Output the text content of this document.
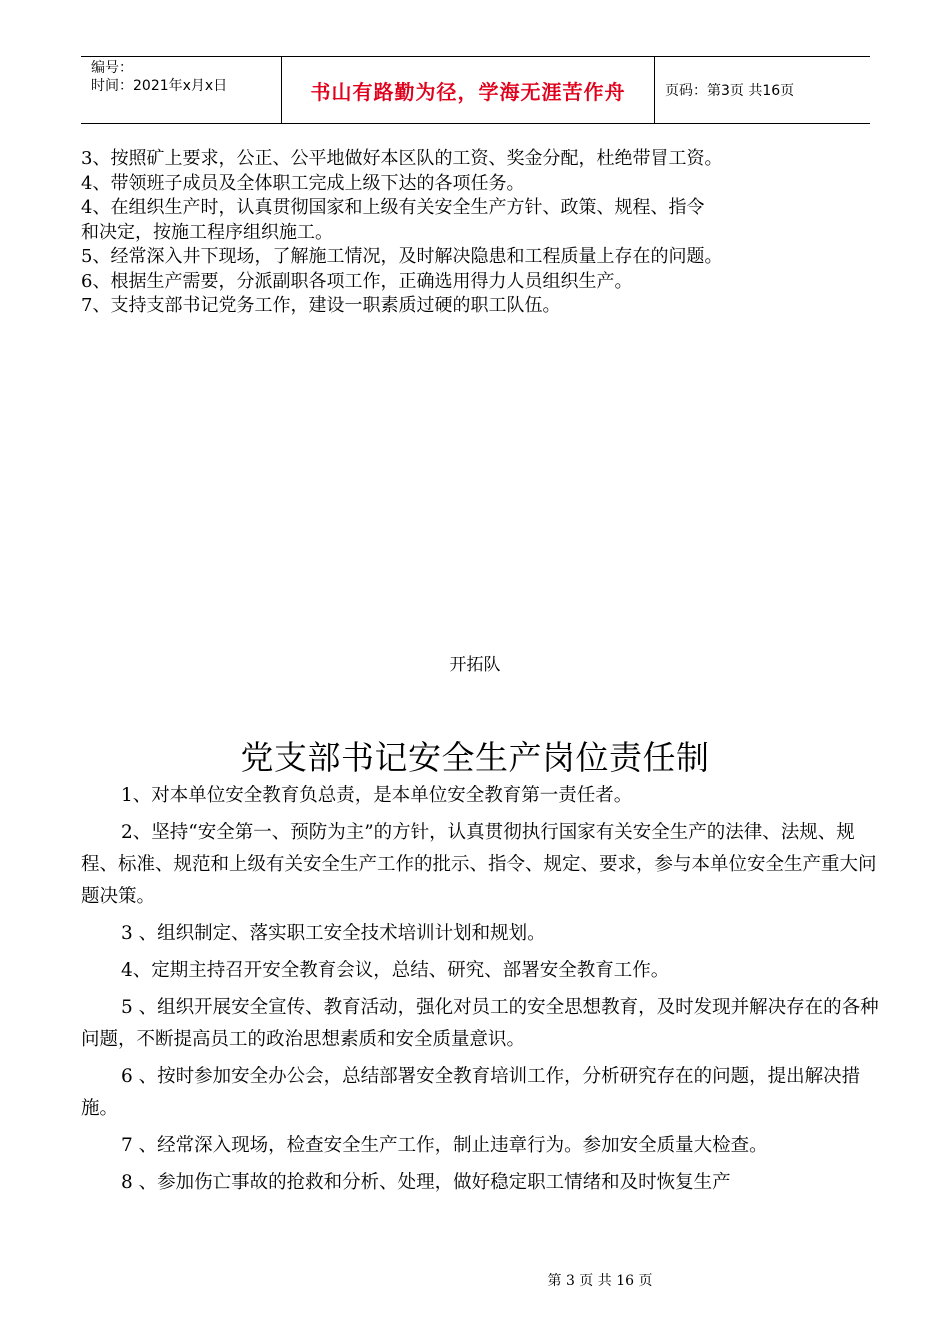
编号：
时间：2021年x月x日	书山有路勤为径，学海无涯苦作舟	页码：第3页 共16页

3、按照矿上要求，公正、公平地做好本区队的工资、奖金分配，杜绝带冒工资。

4、带领班子成员及全体职工完成上级下达的各项任务。

4、在组织生产时，认真贯彻国家和上级有关安全生产方针、政策、规程、指令

和决定，按施工程序组织施工。

5、经常深入井下现场，了解施工情况，及时解决隐患和工程质量上存在的问题。

6、根据生产需要，分派副职各项工作，正确选用得力人员组织生产。

7、支持支部书记党务工作，建设一职素质过硬的职工队伍。

开拓队
党支部书记安全生产岗位责任制

1、对本单位安全教育负总责，是本单位安全教育第一责任者。

2、坚持“安全第一、预防为主”的方针，认真贯彻执行国家有关安全生产的法律、法规、规程、标准、规范和上级有关安全生产工作的批示、指令、规定、要求，参与本单位安全生产重大问题决策。

3 、组织制定、落实职工安全技术培训计划和规划。

4、定期主持召开安全教育会议，总结、研究、部署安全教育工作。

5 、组织开展安全宣传、教育活动，强化对员工的安全思想教育，及时发现并解决存在的各种问题，不断提高员工的政治思想素质和安全质量意识。

6 、按时参加安全办公会，总结部署安全教育培训工作，分析研究存在的问题，提出解决措施。

7 、经常深入现场，检查安全生产工作，制止违章行为。参加安全质量大检查。

8 、参加伤亡事故的抢救和分析、处理，做好稳定职工情绪和及时恢复生产

第 3 页 共 16 页
